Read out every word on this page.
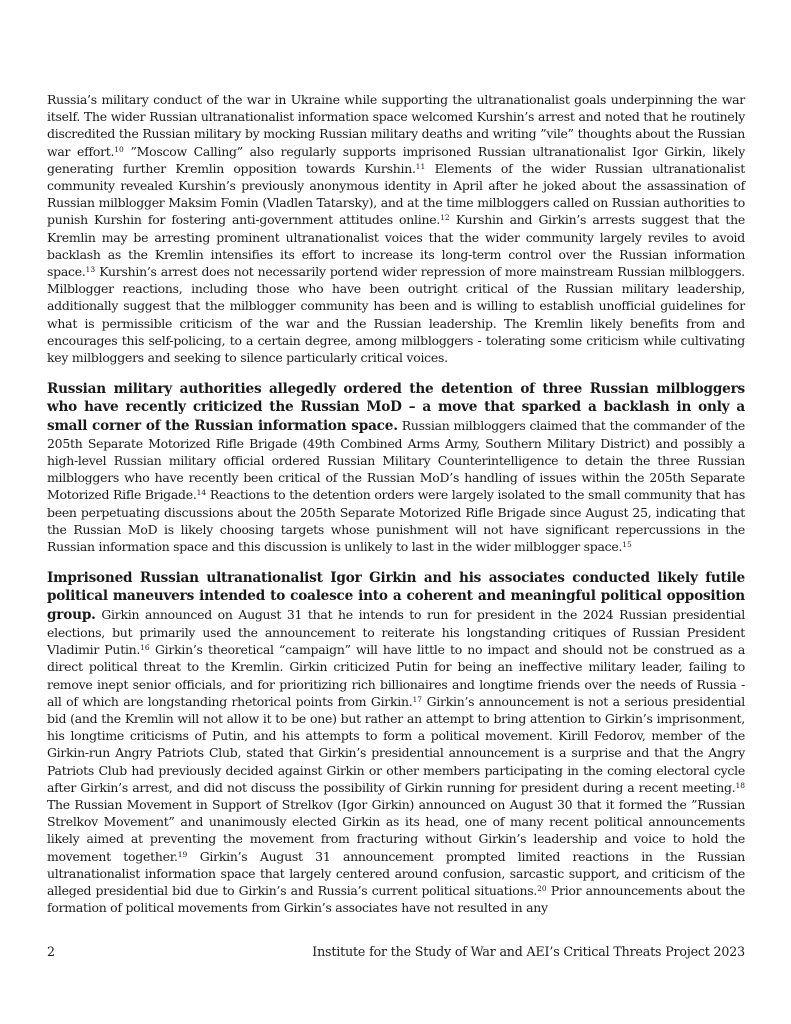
Russia’s military conduct of the war in Ukraine while supporting the ultranationalist goals underpinning the war itself. The wider Russian ultranationalist information space welcomed Kurshin’s arrest and noted that he routinely discredited the Russian military by mocking Russian military deaths and writing ”vile” thoughts about the Russian war effort.$^{10}$ ”Moscow Calling” also regularly supports imprisoned Russian ultranationalist Igor Girkin, likely generating further Kremlin opposition towards Kurshin.$^{11}$ Elements of the wider Russian ultranationalist community revealed Kurshin’s previously anonymous identity in April after he joked about the assassination of Russian milblogger Maksim Fomin (Vladlen Tatarsky), and at the time milbloggers called on Russian authorities to punish Kurshin for fostering anti-government attitudes online.$^{12}$ Kurshin and Girkin’s arrests suggest that the Kremlin may be arresting prominent ultranationalist voices that the wider community largely reviles to avoid backlash as the Kremlin intensifies its effort to increase its long-term control over the Russian information space.$^{13}$ Kurshin’s arrest does not necessarily portend wider repression of more mainstream Russian milbloggers. Milblogger reactions, including those who have been outright critical of the Russian military leadership, additionally suggest that the milblogger community has been and is willing to establish unofficial guidelines for what is permissible criticism of the war and the Russian leadership. The Kremlin likely benefits from and encourages this self-policing, to a certain degree, among milbloggers - tolerating some criticism while cultivating key milbloggers and seeking to silence particularly critical voices.

Russian military authorities allegedly ordered the detention of three Russian milbloggers who have recently criticized the Russian MoD – a move that sparked a backlash in only a small corner of the Russian information space. Russian milbloggers claimed that the commander of the 205th Separate Motorized Rifle Brigade (49th Combined Arms Army, Southern Military District) and possibly a high-level Russian military official ordered Russian Military Counterintelligence to detain the three Russian milbloggers who have recently been critical of the Russian MoD’s handling of issues within the 205th Separate Motorized Rifle Brigade.$^{14}$ Reactions to the detention orders were largely isolated to the small community that has been perpetuating discussions about the 205th Separate Motorized Rifle Brigade since August 25, indicating that the Russian MoD is likely choosing targets whose punishment will not have significant repercussions in the Russian information space and this discussion is unlikely to last in the wider milblogger space.$^{15}$

Imprisoned Russian ultranationalist Igor Girkin and his associates conducted likely futile political maneuvers intended to coalesce into a coherent and meaningful political opposition group. Girkin announced on August 31 that he intends to run for president in the 2024 Russian presidential elections, but primarily used the announcement to reiterate his longstanding critiques of Russian President Vladimir Putin.$^{16}$ Girkin’s theoretical “campaign” will have little to no impact and should not be construed as a direct political threat to the Kremlin. Girkin criticized Putin for being an ineffective military leader, failing to remove inept senior officials, and for prioritizing rich billionaires and longtime friends over the needs of Russia - all of which are longstanding rhetorical points from Girkin.$^{17}$ Girkin’s announcement is not a serious presidential bid (and the Kremlin will not allow it to be one) but rather an attempt to bring attention to Girkin’s imprisonment, his longtime criticisms of Putin, and his attempts to form a political movement. Kirill Fedorov, member of the Girkin-run Angry Patriots Club, stated that Girkin’s presidential announcement is a surprise and that the Angry Patriots Club had previously decided against Girkin or other members participating in the coming electoral cycle after Girkin’s arrest, and did not discuss the possibility of Girkin running for president during a recent meeting.$^{18}$ The Russian Movement in Support of Strelkov (Igor Girkin) announced on August 30 that it formed the ”Russian Strelkov Movement” and unanimously elected Girkin as its head, one of many recent political announcements likely aimed at preventing the movement from fracturing without Girkin’s leadership and voice to hold the movement together.$^{19}$ Girkin’s August 31 announcement prompted limited reactions in the Russian ultranationalist information space that largely centered around confusion, sarcastic support, and criticism of the alleged presidential bid due to Girkin’s and Russia’s current political situations.$^{20}$ Prior announcements about the formation of political movements from Girkin’s associates have not resulted in any

2	Institute for the Study of War and AEI’s Critical Threats Project 2023
